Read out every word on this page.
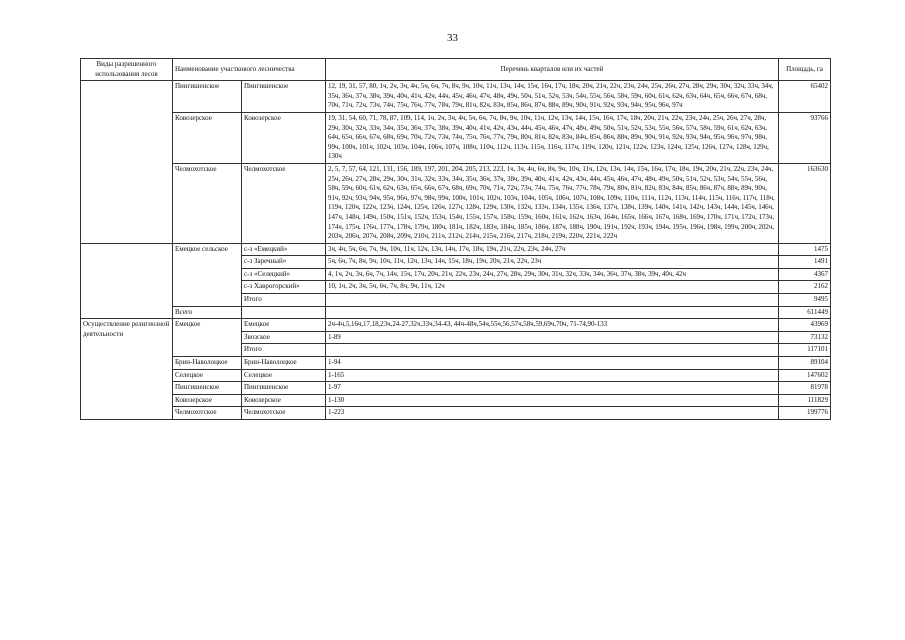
33
Виды разрешенного использования лесов	Наименование участкового лесничества		Перечень кварталов или их частей	Площадь, га
	Пингишенское	Пингишенское	12, 19, 31, 57, 80, 1ч, 2ч, 3ч, 4ч, 5ч, 6ч, 7ч, 8ч, 9ч, 10ч, 11ч, 13ч, 14ч, 15ч, 16ч, 17ч, 18ч, 20ч, 21ч, 22ч, 23ч, 24ч, 25ч, 26ч, 27ч, 28ч, 29ч, 30ч, 32ч, 33ч, 34ч, 35ч, 36ч, 37ч, 38ч, 39ч, 40ч, 41ч, 42ч, 44ч, 45ч, 46ч, 47ч, 48ч, 49ч, 50ч, 51ч, 52ч, 53ч, 54ч, 55ч, 56ч, 58ч, 59ч, 60ч, 61ч, 62ч, 63ч, 64ч, 65ч, 66ч, 67ч, 68ч, 70ч, 71ч, 72ч, 73ч, 74ч, 75ч, 76ч, 77ч, 78ч, 79ч, 81ч, 82ч, 83ч, 85ч, 86ч, 87ч, 88ч, 89ч, 90ч, 91ч, 92ч, 93ч, 94ч, 95ч, 96ч, 97ч	65402
	Ковозерское	Ковозерское	19, 31, 54, 60, 71, 78, 87, 109, 114, 1ч, 2ч, 3ч, 4ч, 5ч, 6ч, 7ч, 8ч, 9ч, 10ч, 11ч, 12ч, 13ч, 14ч, 15ч, 16ч, 17ч, 18ч, 20ч, 21ч, 22ч, 23ч, 24ч, 25ч, 26ч, 27ч, 28ч, 29ч, 30ч, 32ч, 33ч, 34ч, 35ч, 36ч, 37ч, 38ч, 39ч, 40ч, 41ч, 42ч, 43ч, 44ч, 45ч, 46ч, 47ч, 48ч, 49ч, 50ч, 51ч, 52ч, 53ч, 55ч, 56ч, 57ч, 58ч, 59ч, 61ч, 62ч, 63ч, 64ч, 65ч, 66ч, 67ч, 68ч, 69ч, 70ч, 72ч, 73ч, 74ч, 75ч, 76ч, 77ч, 79ч, 80ч, 81ч, 82ч, 83ч, 84ч, 85ч, 86ч, 88ч, 89ч, 90ч, 91ч, 92ч, 93ч, 94ч, 95ч, 96ч, 97ч, 98ч, 99ч, 100ч, 101ч, 102ч, 103ч, 104ч, 106ч, 107ч, 108ч, 110ч, 112ч, 113ч, 115ч, 116ч, 117ч, 119ч, 120ч, 121ч, 122ч, 123ч, 124ч, 125ч, 126ч, 127ч, 128ч, 129ч, 130ч	93766
	Челмохотское	Челмохотское	2, 5, 7, 57, 64, 121, 131, 156, 189, 197, 201, 204, 205, 213, 223, 1ч, 3ч, 4ч, 6ч, 8ч, 9ч, 10ч, 11ч, 12ч, 13ч, 14ч, 15ч, 16ч, 17ч, 18ч, 19ч, 20ч, 21ч, 22ч, 23ч, 24ч, 25ч, 26ч, 27ч, 28ч, 29ч, 30ч, 31ч, 32ч, 33ч, 34ч, 35ч, 36ч, 37ч, 38ч, 39ч, 40ч, 41ч, 42ч, 43ч, 44ч, 45ч, 46ч, 47ч, 48ч, 49ч, 50ч, 51ч, 52ч, 53ч, 54ч, 55ч, 56ч, 58ч, 59ч, 60ч, 61ч, 62ч, 63ч, 65ч, 66ч, 67ч, 68ч, 69ч, 70ч, 71ч, 72ч, 73ч, 74ч, 75ч, 76ч, 77ч, 78ч, 79ч, 80ч, 81ч, 82ч, 83ч, 84ч, 85ч, 86ч, 87ч, 88ч, 89ч, 90ч, 91ч, 92ч, 93ч, 94ч, 95ч, 96ч, 97ч, 98ч, 99ч, 100ч, 101ч, 102ч, 103ч, 104ч, 105ч, 106ч, 107ч, 108ч, 109ч, 110ч, 111ч, 112ч, 113ч, 114ч, 115ч, 116ч, 117ч, 118ч, 119ч, 120ч, 122ч, 123ч, 124ч, 125ч, 126ч, 127ч, 128ч, 129ч, 130ч, 132ч, 133ч, 134ч, 135ч, 136ч, 137ч, 138ч, 139ч, 140ч, 141ч, 142ч, 143ч, 144ч, 145ч, 146ч, 147ч, 148ч, 149ч, 150ч, 151ч, 152ч, 153ч, 154ч, 155ч, 157ч, 158ч, 159ч, 160ч, 161ч, 162ч, 163ч, 164ч, 165ч, 166ч, 167ч, 168ч, 169ч, 170ч, 171ч, 172ч, 173ч, 174ч, 175ч, 176ч, 177ч, 178ч, 179ч, 180ч, 181ч, 182ч, 183ч, 184ч, 185ч, 186ч, 187ч, 188ч, 190ч, 191ч, 192ч, 193ч, 194ч, 195ч, 196ч, 198ч, 199ч, 200ч, 202ч, 203ч, 206ч, 207ч, 208ч, 209ч, 210ч, 211ч, 212ч, 214ч, 215ч, 216ч, 217ч, 218ч, 219ч, 220ч, 221ч, 222ч	163630
	Емецкое сельское	с-з «Емецкий»	3ч, 4ч, 5ч, 6ч, 7ч, 9ч, 10ч, 11ч, 12ч, 13ч, 14ч, 17ч, 18ч, 19ч, 21ч, 22ч, 23ч, 24ч, 27ч	1475
		с-з Заречный»	5ч, 6ч, 7ч, 8ч, 9ч, 10ч, 11ч, 12ч, 13ч, 14ч, 15ч, 18ч, 19ч, 20ч, 21ч, 22ч, 23ч	1491
		с-з «Селецкий»	4, 1ч, 2ч, 3ч, 6ч, 7ч, 14ч, 15ч, 17ч, 20ч, 21ч, 22ч, 23ч, 24ч, 27ч, 28ч, 29ч, 30ч, 31ч, 32ч, 33ч, 34ч, 36ч, 37ч, 38ч, 39ч, 40ч, 42ч	4367
		с-з Хаврогорский»	10, 1ч, 2ч, 3ч, 5ч, 6ч, 7ч, 8ч, 9ч, 11ч, 12ч	2162
		Итого		9495
	Всего			611449
Осуществление религиозной деятельности	Емецкое	Емецкое	2ч-4ч,5,16ч,17,18,23ч,24-27,32ч,33ч,34-43, 44ч-48ч,54ч,55ч,56,57ч,58ч,59,69ч,70ч, 71-74,90-133	43969
		Звозское	1-89	73132
		Итого		117101
	Брин-Наволоцкое	Брин-Наволоцкое	1-94	89104
	Селецкое	Селецкое	1-165	147602
	Пингишенское	Пингишенское	1-97	81978
	Ковозерское	Ковозерское	1-130	111829
	Челмохотское	Челмохотское	1-223	199776
